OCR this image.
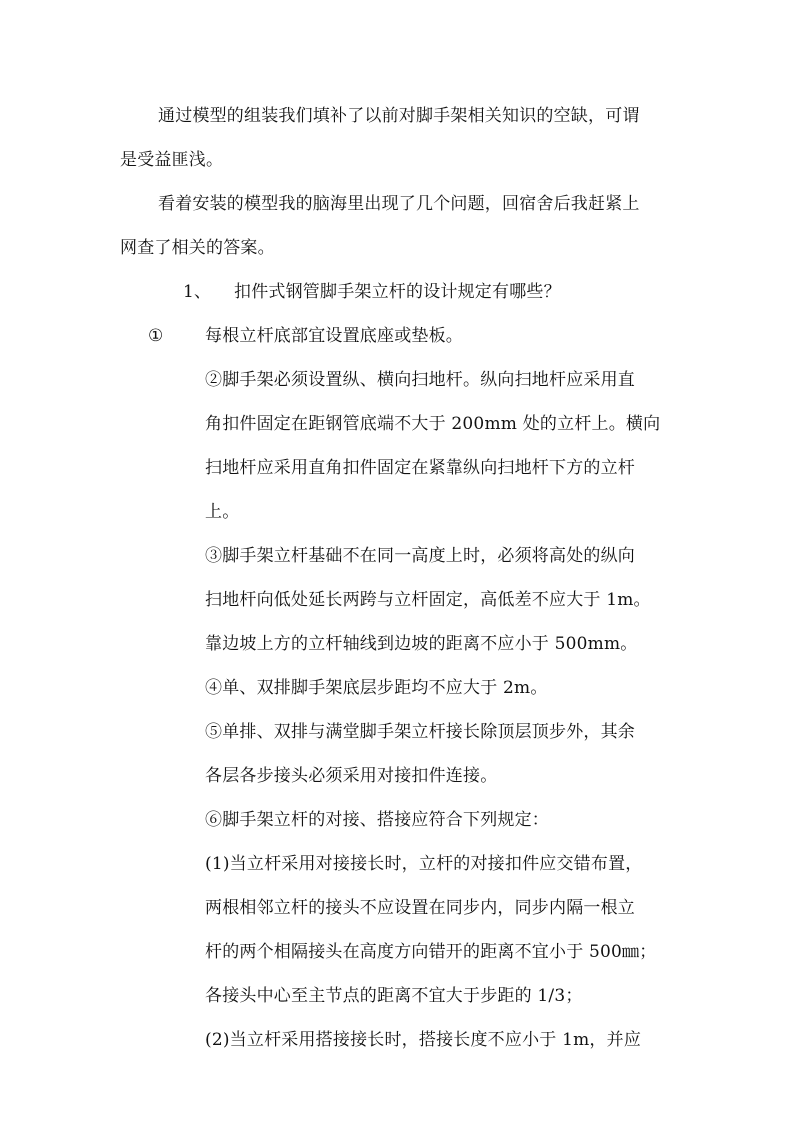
通过模型的组装我们填补了以前对脚手架相关知识的空缺，可谓
是受益匪浅。
看着安装的模型我的脑海里出现了几个问题，回宿舍后我赶紧上
网查了相关的答案。
1、 扣件式钢管脚手架立杆的设计规定有哪些？
① 每根立杆底部宜设置底座或垫板。
②脚手架必须设置纵、横向扫地杆。纵向扫地杆应采用直
角扣件固定在距钢管底端不大于 200mm 处的立杆上。横向
扫地杆应采用直角扣件固定在紧靠纵向扫地杆下方的立杆
上。
③脚手架立杆基础不在同一高度上时，必须将高处的纵向
扫地杆向低处延长两跨与立杆固定，高低差不应大于 1m。
靠边坡上方的立杆轴线到边坡的距离不应小于 500mm。
④单、双排脚手架底层步距均不应大于 2m。
⑤单排、双排与满堂脚手架立杆接长除顶层顶步外，其余
各层各步接头必须采用对接扣件连接。
⑥脚手架立杆的对接、搭接应符合下列规定：
(1)当立杆采用对接接长时，立杆的对接扣件应交错布置，
两根相邻立杆的接头不应设置在同步内，同步内隔一根立
杆的两个相隔接头在高度方向错开的距离不宜小于 500㎜；
各接头中心至主节点的距离不宜大于步距的 1/3；
(2)当立杆采用搭接接长时，搭接长度不应小于 1m，并应
